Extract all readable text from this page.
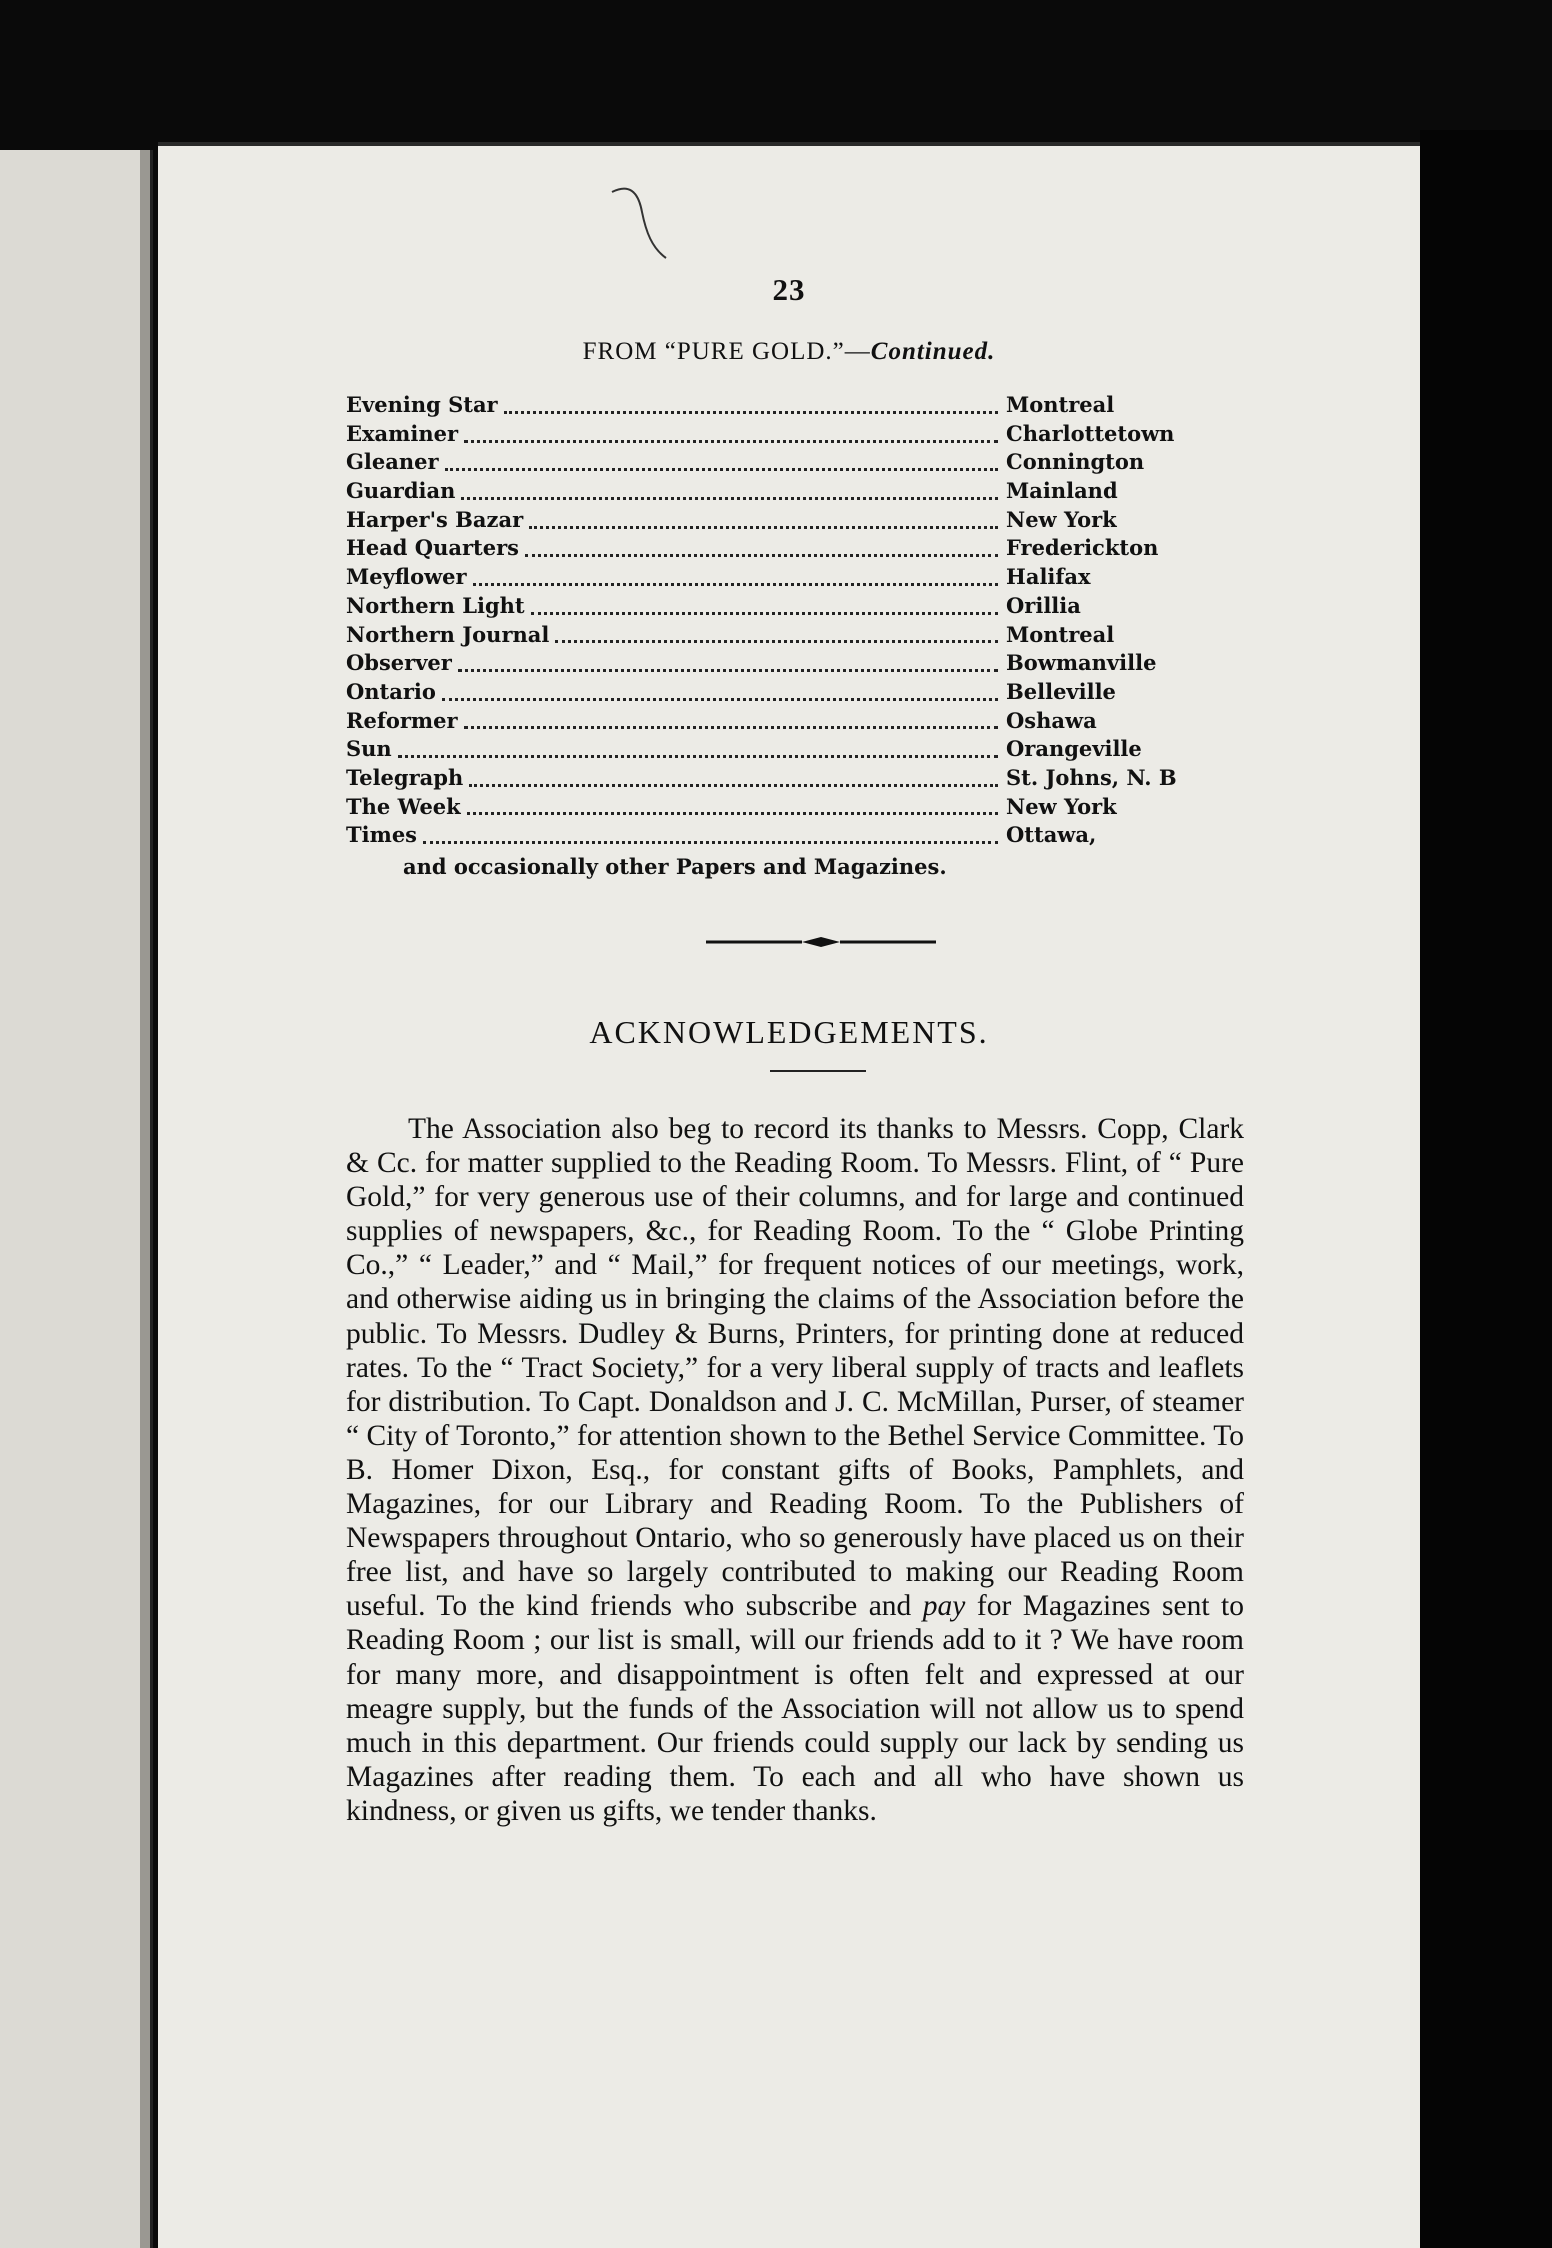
23
FROM “PURE GOLD.”—Continued.
Evening Star	Montreal
Examiner	Charlottetown
Gleaner	Connington
Guardian	Mainland
Harper's Bazar	New York
Head Quarters	Frederickton
Meyflower	Halifax
Northern Light	Orillia
Northern Journal	Montreal
Observer	Bowmanville
Ontario	Belleville
Reformer	Oshawa
Sun	Orangeville
Telegraph	St. Johns, N. B
The Week	New York
Times	Ottawa,
and occasionally other Papers and Magazines.
ACKNOWLEDGEMENTS.

The Association also beg to record its thanks to Messrs. Copp, Clark & Cc. for matter supplied to the Reading Room. To Messrs. Flint, of “ Pure Gold,” for very generous use of their columns, and for large and continued supplies of newspapers, &c., for Reading Room. To the “ Globe Printing Co.,” “ Leader,” and “ Mail,” for frequent notices of our meetings, work, and otherwise aiding us in bringing the claims of the Association before the public. To Messrs. Dudley & Burns, Printers, for printing done at reduced rates. To the “ Tract Society,” for a very liberal supply of tracts and leaflets for distribution. To Capt. Donaldson and J. C. McMillan, Purser, of steamer “ City of Toronto,” for attention shown to the Bethel Service Committee. To B. Homer Dixon, Esq., for constant gifts of Books, Pamphlets, and Magazines, for our Library and Reading Room. To the Publishers of Newspapers throughout Ontario, who so generously have placed us on their free list, and have so largely contributed to making our Reading Room useful. To the kind friends who subscribe and pay for Magazines sent to Reading Room ; our list is small, will our friends add to it ? We have room for many more, and disappointment is often felt and expressed at our meagre supply, but the funds of the Association will not allow us to spend much in this department. Our friends could supply our lack by sending us Magazines after reading them. To each and all who have shown us kindness, or given us gifts, we tender thanks.
